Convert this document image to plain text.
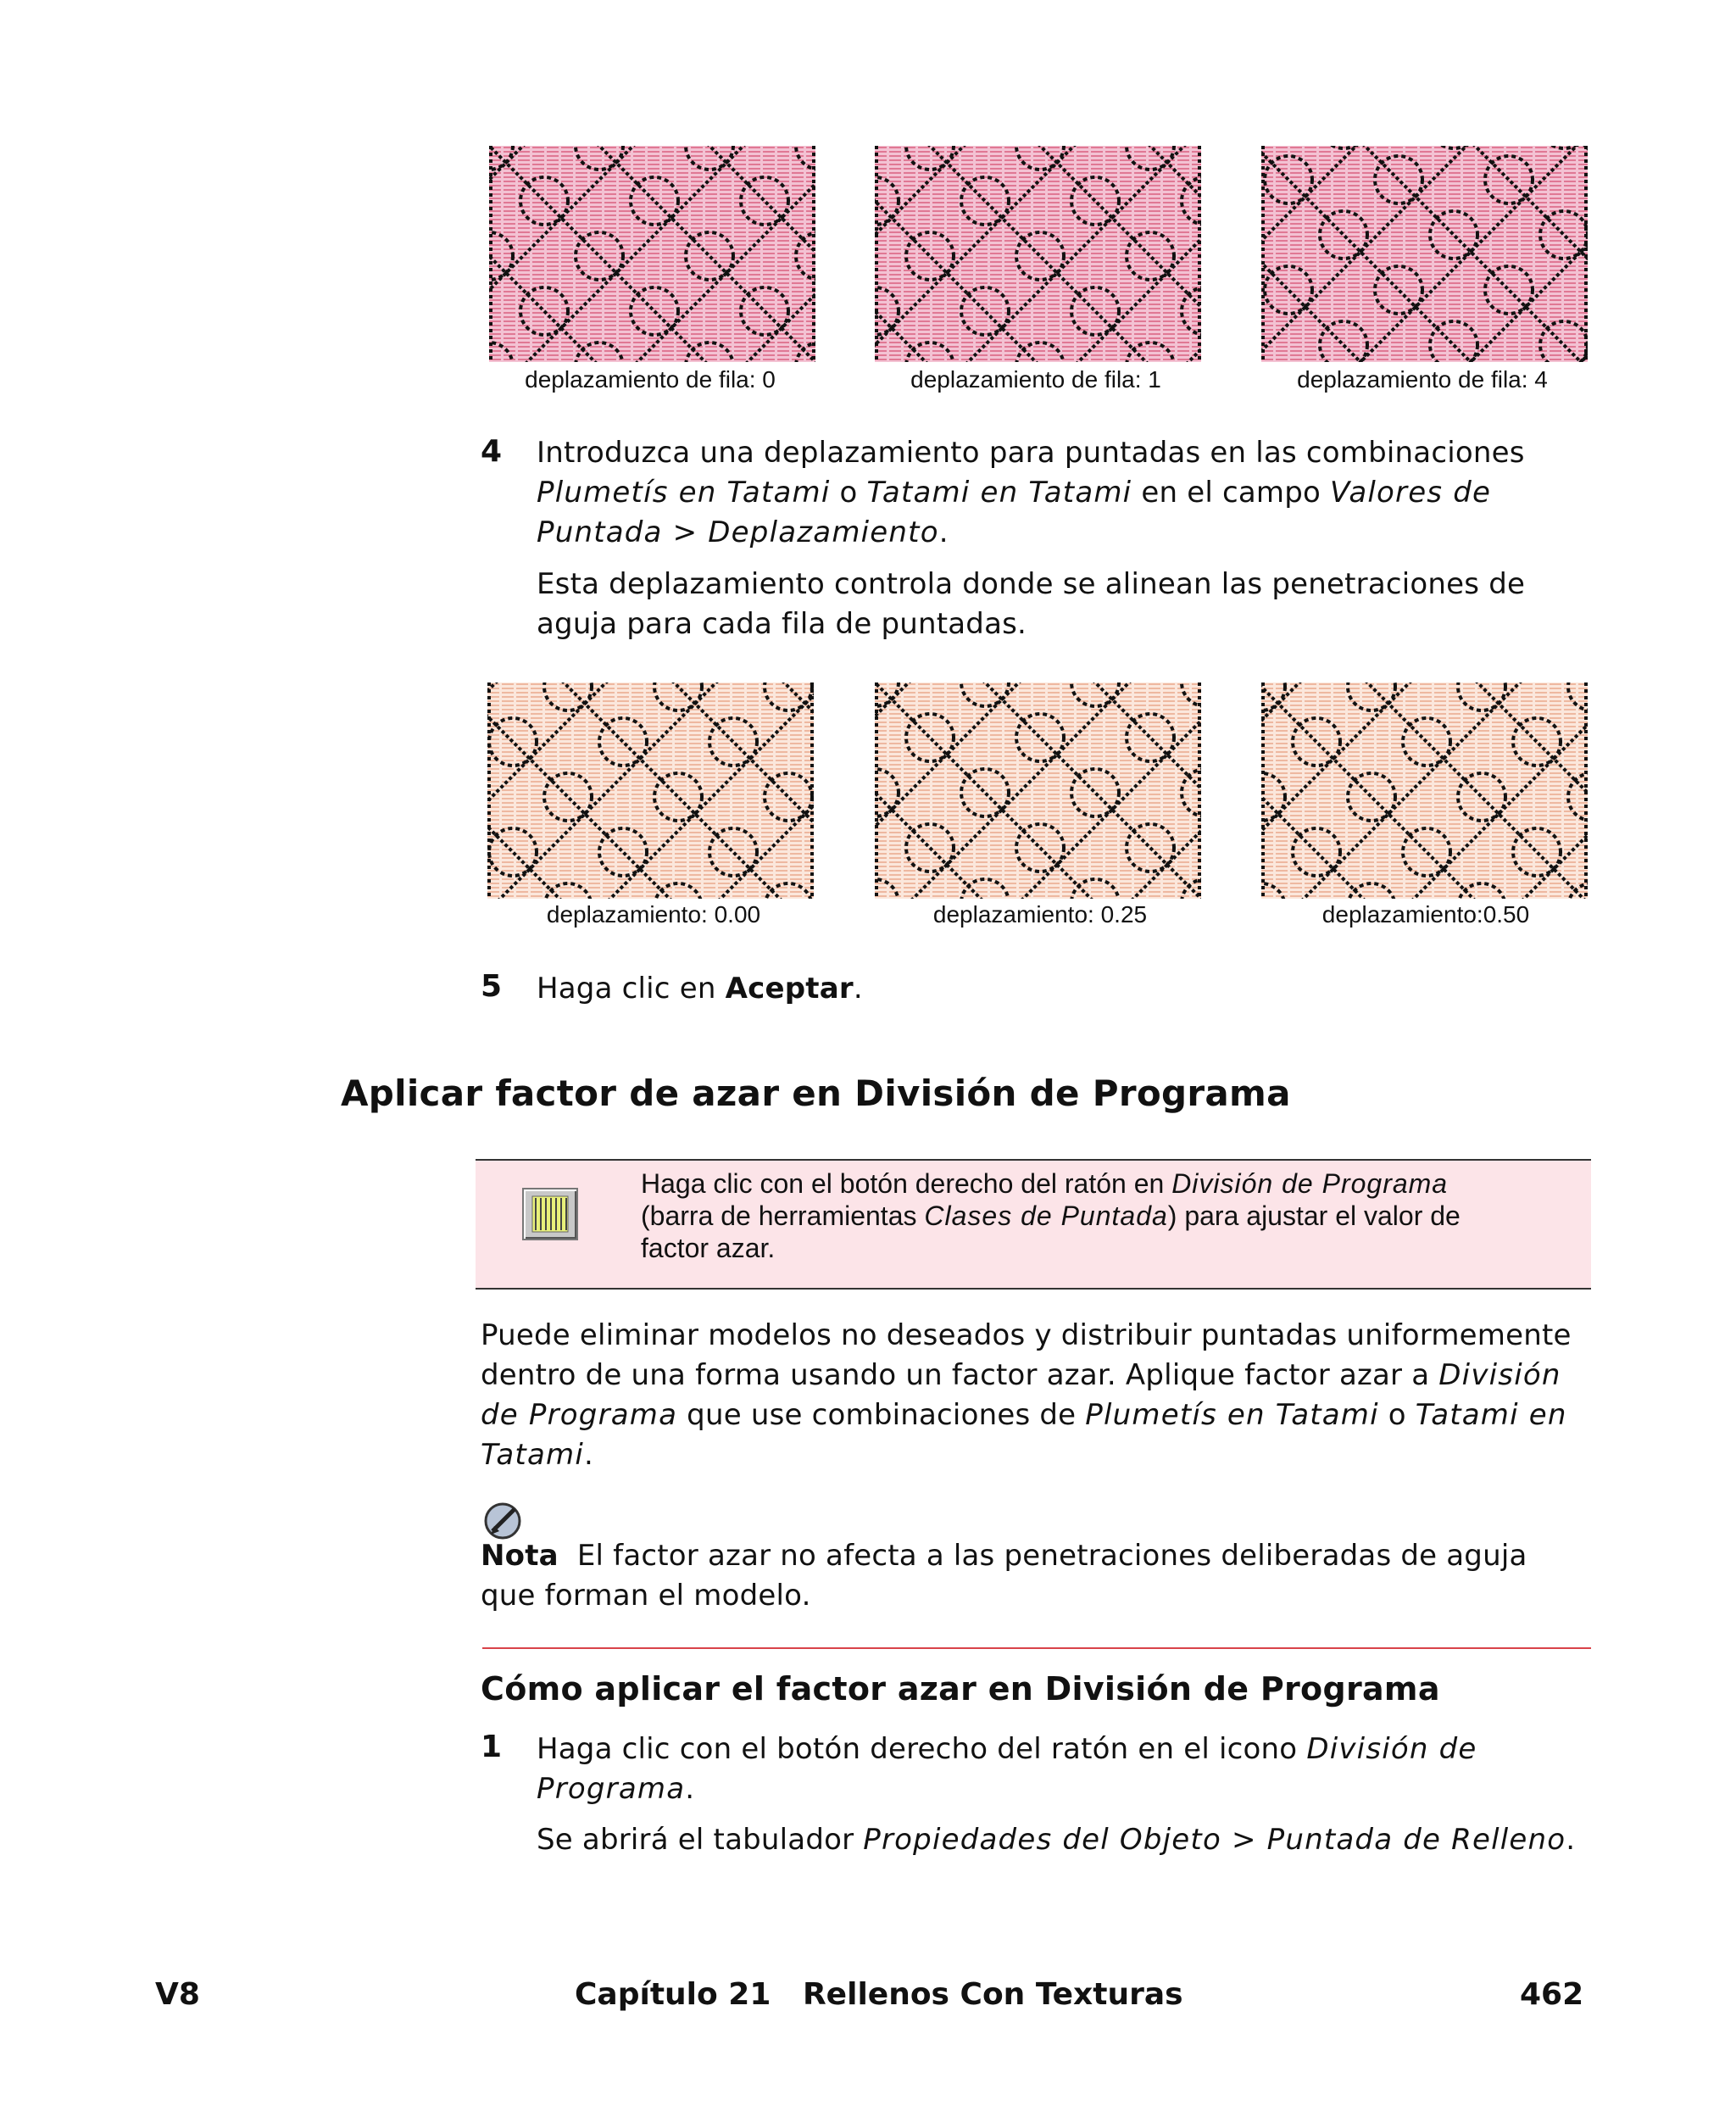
deplazamiento de fila: 0	deplazamiento de fila: 1	deplazamiento de fila: 4
4 Introduzca una deplazamiento para puntadas en las combinaciones
Plumetís en Tatami o Tatami en Tatami en el campo Valores de
Puntada > Deplazamiento.
Esta deplazamiento controla donde se alinean las penetraciones de aguja para cada fila de puntadas.
deplazamiento: 0.00	deplazamiento: 0.25	deplazamiento:0.50
5 Haga clic en Aceptar.
Aplicar factor de azar en División de Programa
Haga clic con el botón derecho del ratón en División de Programa
(barra de herramientas Clases de Puntada) para ajustar el valor de
factor azar.
Puede eliminar modelos no deseados y distribuir puntadas uniformemente dentro de una forma usando un factor azar. Aplique factor azar a División de Programa que use combinaciones de Plumetís en Tatami o Tatami en Tatami.
Nota El factor azar no afecta a las penetraciones deliberadas de aguja que forman el modelo.
Cómo aplicar el factor azar en División de Programa
1 Haga clic con el botón derecho del ratón en el icono División de Programa.
Se abrirá el tabulador Propiedades del Objeto > Puntada de Relleno.
V8	Capítulo 21   Rellenos Con Texturas	462
